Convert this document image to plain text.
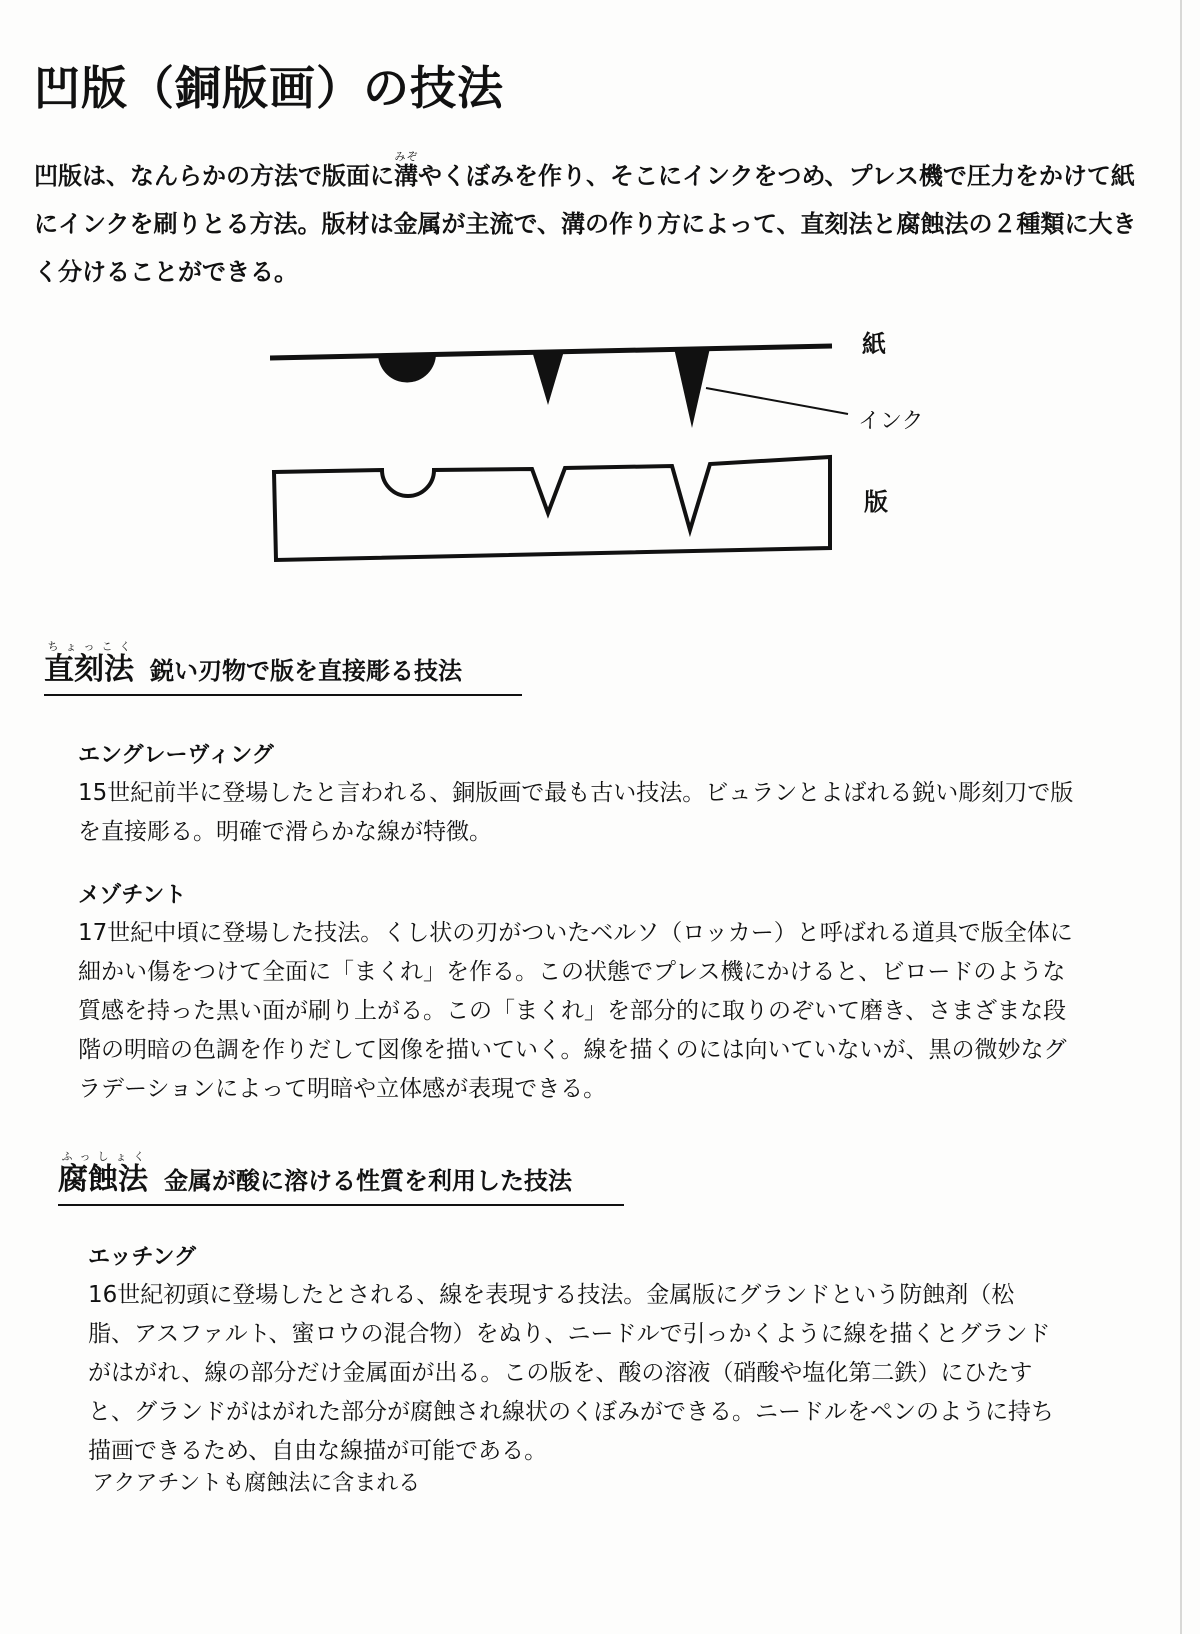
凹版（銅版画）の技法

凹版は、なんらかの方法で版面に溝みぞやくぼみを作り、そこにインクをつめ、プレス機で圧力をかけて紙にインクを刷りとる方法。版材は金属が主流で、溝の作り方によって、直刻法と腐蝕法の２種類に大きく分けることができる。

紙
インク
版
直刻法ちょっこく鋭い刃物で版を直接彫る技法
エングレーヴィング

15世紀前半に登場したと言われる、銅版画で最も古い技法。ビュランとよばれる鋭い彫刻刀で版を直接彫る。明確で滑らかな線が特徴。

メゾチント

17世紀中頃に登場した技法。くし状の刃がついたベルソ（ロッカー）と呼ばれる道具で版全体に細かい傷をつけて全面に「まくれ」を作る。この状態でプレス機にかけると、ビロードのような質感を持った黒い面が刷り上がる。この「まくれ」を部分的に取りのぞいて磨き、さまざまな段階の明暗の色調を作りだして図像を描いていく。線を描くのには向いていないが、黒の微妙なグラデーションによって明暗や立体感が表現できる。

腐蝕法ふっしょく金属が酸に溶ける性質を利用した技法
エッチング

16世紀初頭に登場したとされる、線を表現する技法。金属版にグランドという防蝕剤（松脂、アスファルト、蜜ロウの混合物）をぬり、ニードルで引っかくように線を描くとグランドがはがれ、線の部分だけ金属面が出る。この版を、酸の溶液（硝酸や塩化第二鉄）にひたすと、グランドがはがれた部分が腐蝕され線状のくぼみができる。ニードルをペンのように持ち描画できるため、自由な線描が可能である。

アクアチントも腐蝕法に含まれる
